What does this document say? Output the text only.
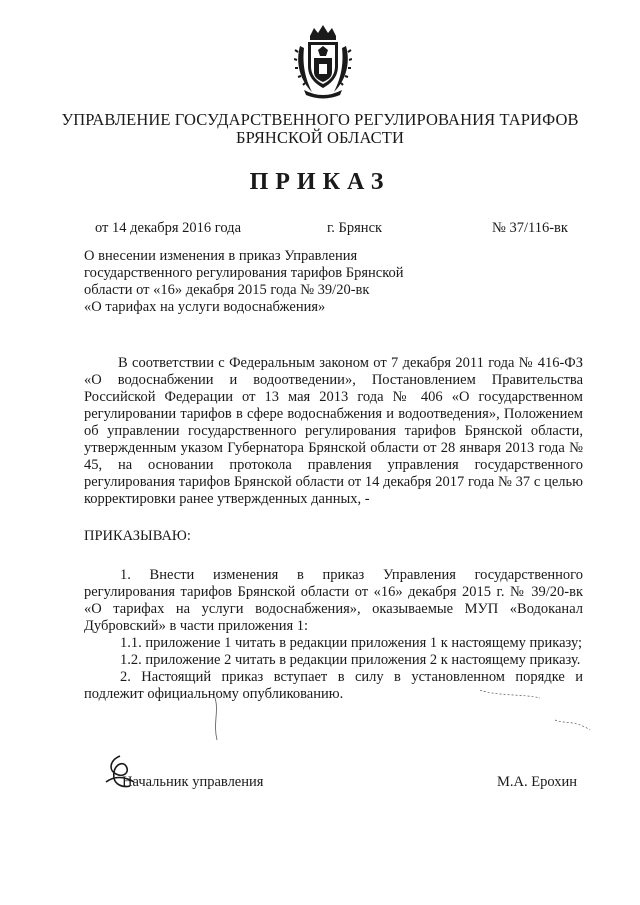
УПРАВЛЕНИЕ ГОСУДАРСТВЕННОГО РЕГУЛИРОВАНИЯ ТАРИФОВ
БРЯНСКОЙ ОБЛАСТИ
ПРИКАЗ
от 14 декабря 2016 года	г. Брянск	№ 37/116-вк
О внесении изменения в приказ Управления
государственного регулирования тарифов Брянской
области от «16» декабря 2015 года № 39/20-вк
«О тарифах на услуги водоснабжения»

В соответствии с Федеральным законом от 7 декабря 2011 года № 416-ФЗ «О водоснабжении и водоотведении», Постановлением Правительства Российской Федерации от 13 мая 2013 года № 406 «О государственном регулировании тарифов в сфере водоснабжения и водоотведения», Положением об управлении государственного регулирования тарифов Брянской области, утвержденным указом Губернатора Брянской области от 28 января 2013 года № 45, на основании протокола правления управления государственного регулирования тарифов Брянской области от 14 декабря 2017 года № 37 с целью корректировки ранее утвержденных данных, -

ПРИКАЗЫВАЮ:

1. Внести изменения в приказ Управления государственного регулирования тарифов Брянской области от «16» декабря 2015 г. № 39/20-вк «О тарифах на услуги водоснабжения», оказываемые МУП «Водоканал Дубровский» в части приложения 1:

1.1. приложение 1 читать в редакции приложения 1 к настоящему приказу;

1.2. приложение 2 читать в редакции приложения 2 к настоящему приказу.

2. Настоящий приказ вступает в силу в установленном порядке и подлежит официальному опубликованию.

Начальник управления	М.А. Ерохин
